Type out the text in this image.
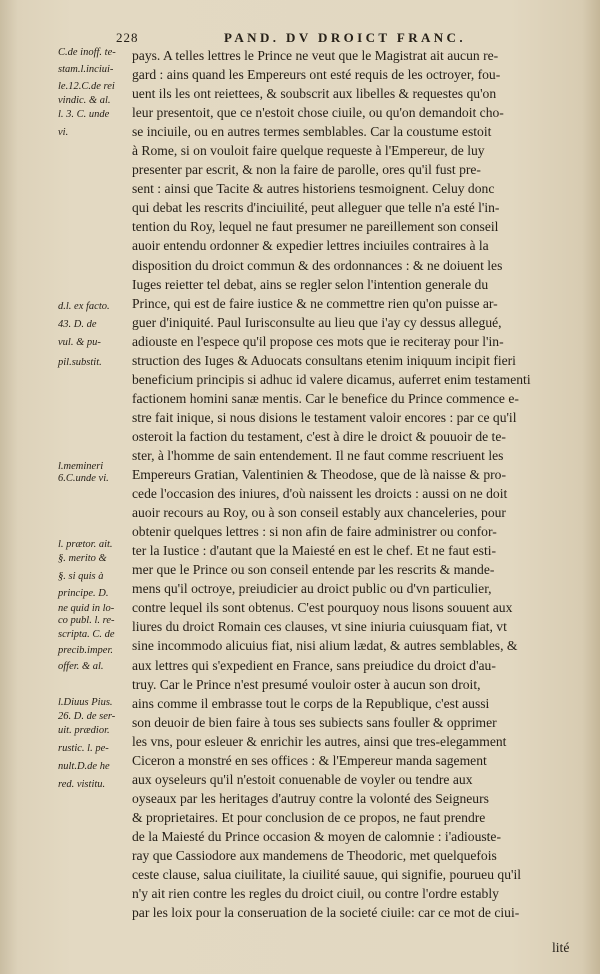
228	PAND. DV DROICT FRANC.
C.de inoff. te-
stam.l.inciui-
le.12.C.de rei
vindic. & al.
l. 3. C. unde
vi.
d.l. ex facto.
43. D. de
vul. & pu-
pil.substit.
l.memineri
6.C.unde vi.
l. prætor. ait.
§. merito &
§. si quis à
principe. D.
ne quid in lo-
co publ. l. re-
scripta. C. de
precib.imper.
offer. & al.
l.Diuus Pius.
26. D. de ser-
uit. prædior.
rustic. l. pe-
nult.D.de he
red. vistitu.
pays. A telles lettres le Prince ne veut que le Magistrat ait aucun re-
gard : ains quand les Empereurs ont esté requis de les octroyer, fou-
uent ils les ont reiettees, & soubscrit aux libelles & requestes qu'on
leur presentoit, que ce n'estoit chose ciuile, ou qu'on demandoit cho-
se inciuile, ou en autres termes semblables. Car la coustume estoit
à Rome, si on vouloit faire quelque requeste à l'Empereur, de luy
presenter par escrit, & non la faire de parolle, ores qu'il fust pre-
sent : ainsi que Tacite & autres historiens tesmoignent. Celuy donc
qui debat les rescrits d'inciuilité, peut alleguer que telle n'a esté l'in-
tention du Roy, lequel ne faut presumer ne pareillement son conseil
auoir entendu ordonner & expedier lettres inciuiles contraires à la
disposition du droict commun & des ordonnances : & ne doiuent les
Iuges reietter tel debat, ains se regler selon l'intention generale du
Prince, qui est de faire iustice & ne commettre rien qu'on puisse ar-
guer d'iniquité. Paul Iurisconsulte au lieu que i'ay cy dessus allegué,
adiouste en l'espece qu'il propose ces mots que ie reciteray pour l'in-
struction des Iuges & Aduocats consultans etenim iniquum incipit fieri
beneficium principis si adhuc id valere dicamus, auferret enim testamenti
factionem homini sanæ mentis. Car le benefice du Prince commence e-
stre fait inique, si nous disions le testament valoir encores : par ce qu'il
osteroit la faction du testament, c'est à dire le droict & pouuoir de te-
ster, à l'homme de sain entendement. Il ne faut comme rescriuent les
Empereurs Gratian, Valentinien & Theodose, que de là naisse & pro-
cede l'occasion des iniures, d'où naissent les droicts : aussi on ne doit
auoir recours au Roy, ou à son conseil estably aux chanceleries, pour
obtenir quelques lettres : si non afin de faire administrer ou confor-
ter la Iustice : d'autant que la Maiesté en est le chef. Et ne faut esti-
mer que le Prince ou son conseil entende par les rescrits & mande-
mens qu'il octroye, preiudicier au droict public ou d'vn particulier,
contre lequel ils sont obtenus. C'est pourquoy nous lisons souuent aux
liures du droict Romain ces clauses, vt sine iniuria cuiusquam fiat, vt
sine incommodo alicuius fiat, nisi alium lædat, & autres semblables, &
aux lettres qui s'expedient en France, sans preiudice du droict d'au-
truy. Car le Prince n'est presumé vouloir oster à aucun son droit,
ains comme il embrasse tout le corps de la Republique, c'est aussi
son deuoir de bien faire à tous ses subiects sans fouller & opprimer
les vns, pour esleuer & enrichir les autres, ainsi que tres-elegamment
Ciceron a monstré en ses offices : & l'Empereur manda sagement
aux oyseleurs qu'il n'estoit conuenable de voyler ou tendre aux
oyseaux par les heritages d'autruy contre la volonté des Seigneurs
& proprietaires. Et pour conclusion de ce propos, ne faut prendre
de la Maiesté du Prince occasion & moyen de calomnie : i'adiouste-
ray que Cassiodore aux mandemens de Theodoric, met quelquefois
ceste clause, salua ciuilitate, la ciuilité sauue, qui signifie, pourueu qu'il
n'y ait rien contre les regles du droict ciuil, ou contre l'ordre estably
par les loix pour la conseruation de la societé ciuile: car ce mot de ciui-
lité
